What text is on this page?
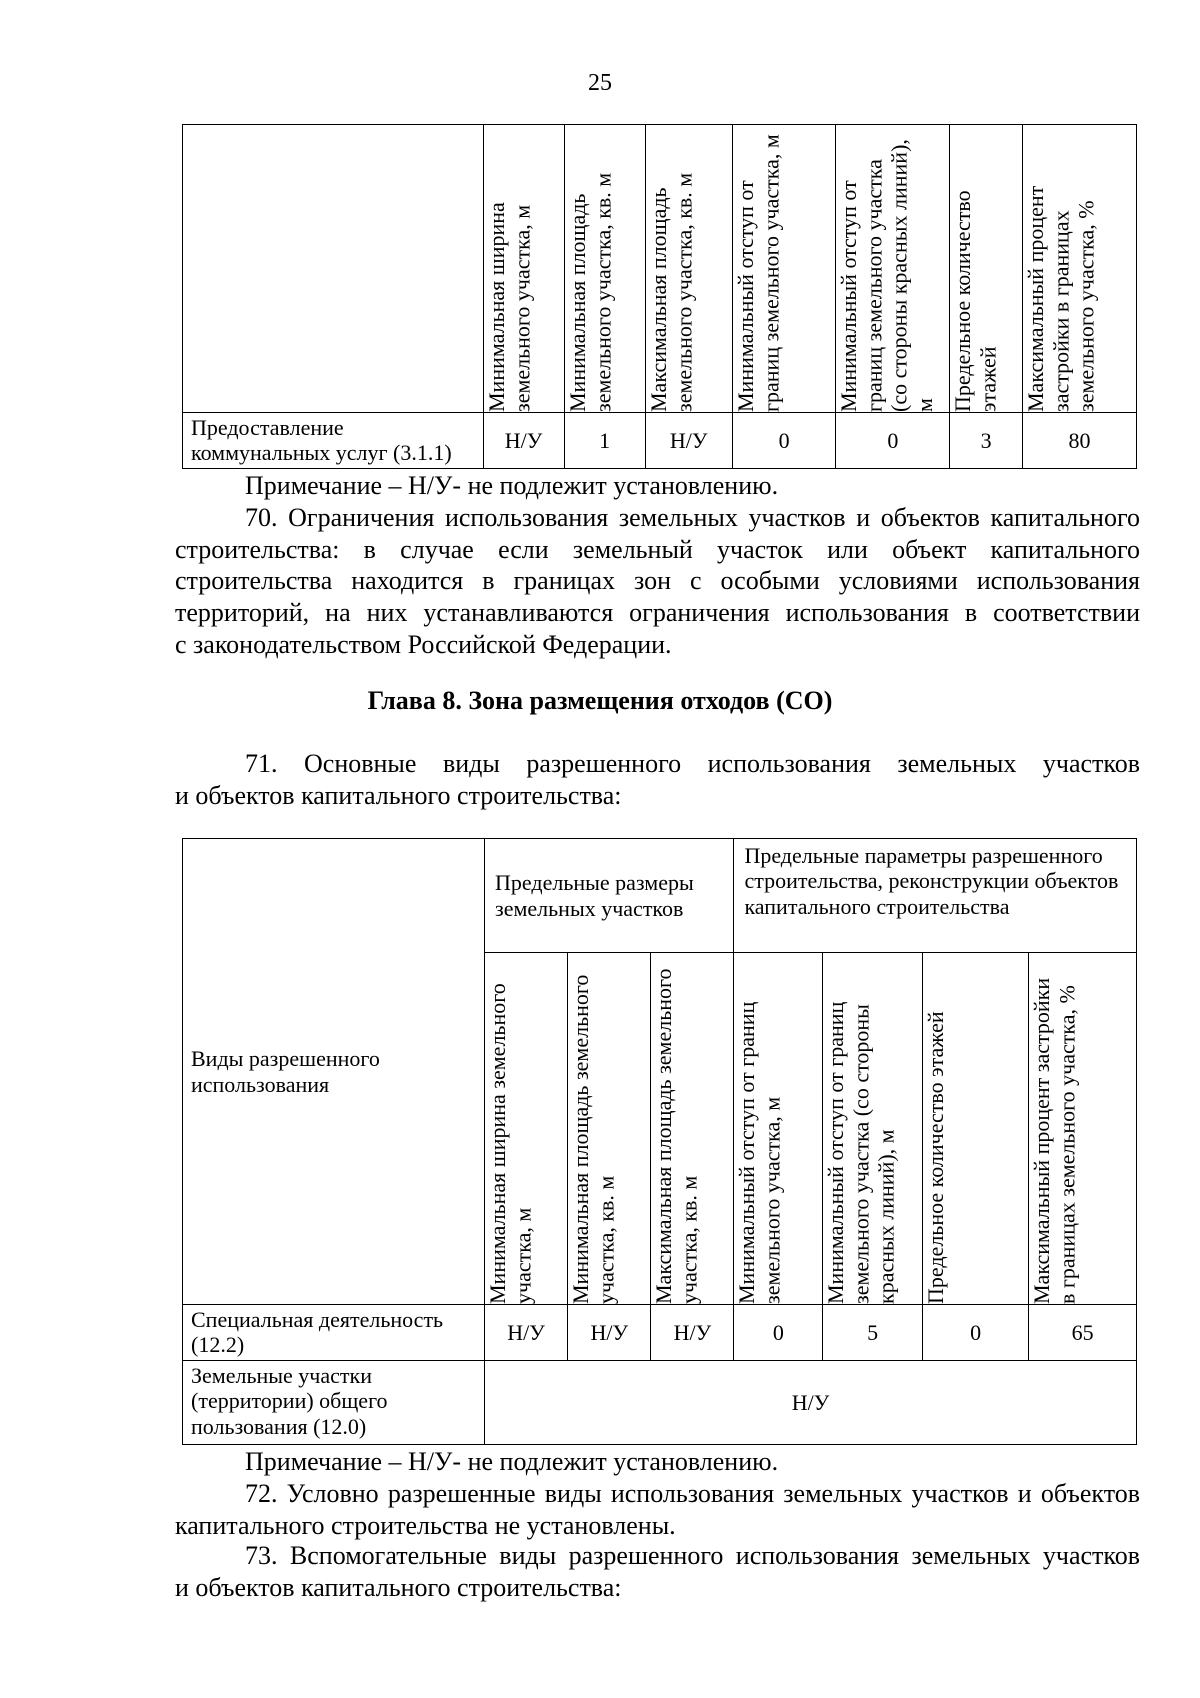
25

	Минимальная ширина земельного участка, м	Минимальная площадь земельного участка, кв. м	Максимальная площадь земельного участка, кв. м	Минимальный отступ от границ земельного участка, м	Минимальный отступ от границ земельного участка (со стороны красных линий), м	Предельное количество этажей	Максимальный процент застройки в границах земельного участка, %

Предоставление коммунальных услуг (3.1.1)	Н/У	1	Н/У	0	0	3	80
Примечание – Н/У- не подлежит установлению.
70. Ограничения использования земельных участков и объектов капитального
строительства: в случае если земельный участок или объект капитального
строительства находится в границах зон с особыми условиями использования
территорий, на них устанавливаются ограничения использования в соответствии
с законодательством Российской Федерации.
Глава 8. Зона размещения отходов (СО)
71. Основные виды разрешенного использования земельных участков
и объектов капитального строительства:
Виды разрешенного использования	Предельные размеры земельных участков			Предельные параметры разрешенного строительства, реконструкции объектов капитального строительства			

	Минимальная ширина земельного участка, м	Минимальная площадь земельного участка, кв. м	Максимальная площадь земельного участка, кв. м	Минимальный отступ от границ земельного участка, м	Минимальный отступ от границ земельного участка (со стороны красных линий), м	Предельное количество этажей	Максимальный процент застройки в границах земельного участка, %

Специальная деятельность (12.2)	Н/У	Н/У	Н/У	0	5	0	65
Земельные участки (территории) общего пользования (12.0)	Н/У						
Примечание – Н/У- не подлежит установлению.
72. Условно разрешенные виды использования земельных участков и объектов
капитального строительства не установлены.
73. Вспомогательные виды разрешенного использования земельных участков
и объектов капитального строительства:
